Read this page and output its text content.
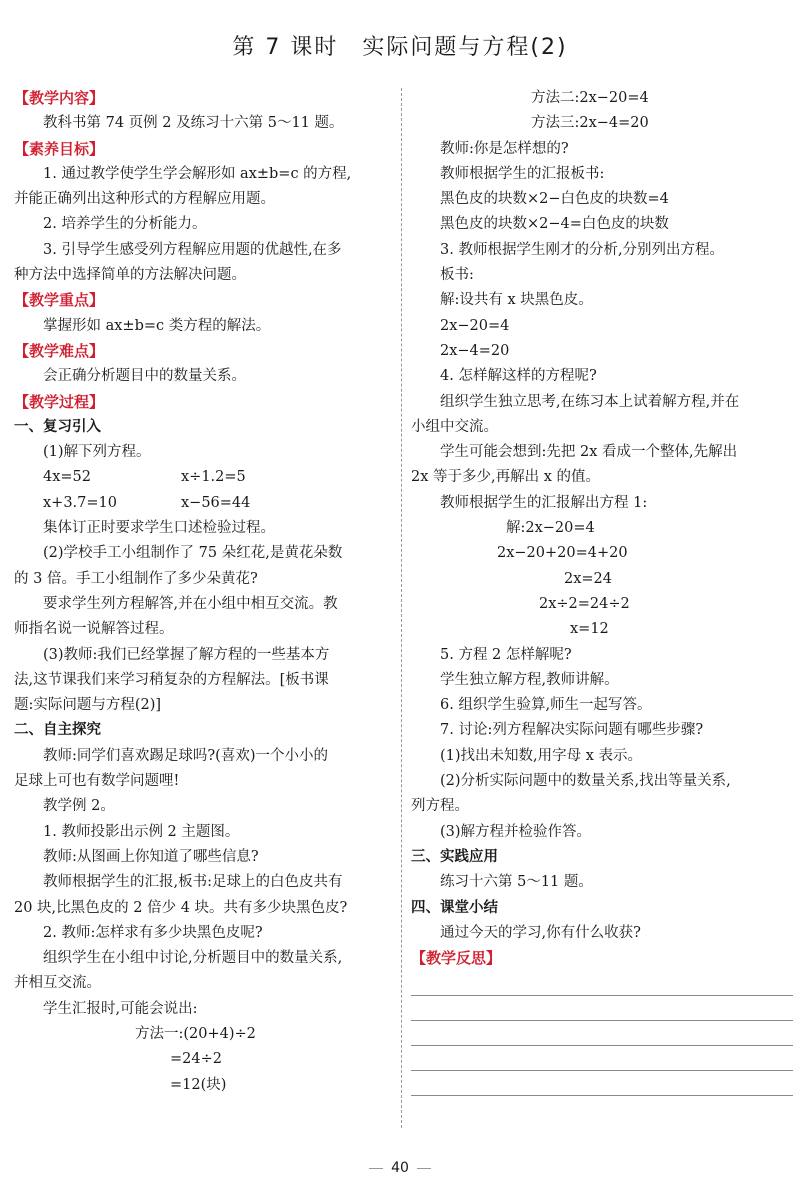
第 7 课时　实际问题与方程(2)
【教学内容】
教科书第 74 页例 2 及练习十六第 5～11 题。
【素养目标】
1. 通过教学使学生学会解形如 ax±b=c 的方程,
并能正确列出这种形式的方程解应用题。
2. 培养学生的分析能力。
3. 引导学生感受列方程解应用题的优越性,在多
种方法中选择简单的方法解决问题。
【教学重点】
掌握形如 ax±b=c 类方程的解法。
【教学难点】
会正确分析题目中的数量关系。
【教学过程】
一、复习引入
(1)解下列方程。
4x=52	x÷1.2=5
x+3.7=10	x−56=44
集体订正时要求学生口述检验过程。
(2)学校手工小组制作了 75 朵红花,是黄花朵数
的 3 倍。手工小组制作了多少朵黄花?
要求学生列方程解答,并在小组中相互交流。教
师指名说一说解答过程。
(3)教师:我们已经掌握了解方程的一些基本方
法,这节课我们来学习稍复杂的方程解法。[板书课
题:实际问题与方程(2)]
二、自主探究
教师:同学们喜欢踢足球吗?(喜欢)一个小小的
足球上可也有数学问题哩!
教学例 2。
1. 教师投影出示例 2 主题图。
教师:从图画上你知道了哪些信息?
教师根据学生的汇报,板书:足球上的白色皮共有
20 块,比黑色皮的 2 倍少 4 块。共有多少块黑色皮?
2. 教师:怎样求有多少块黑色皮呢?
组织学生在小组中讨论,分析题目中的数量关系,
并相互交流。
学生汇报时,可能会说出:
方法一:(20+4)÷2
=24÷2
=12(块)
方法二:2x−20=4
方法三:2x−4=20
教师:你是怎样想的?
教师根据学生的汇报板书:
黑色皮的块数×2−白色皮的块数=4
黑色皮的块数×2−4=白色皮的块数
3. 教师根据学生刚才的分析,分别列出方程。
板书:
解:设共有 x 块黑色皮。
2x−20=4
2x−4=20
4. 怎样解这样的方程呢?
组织学生独立思考,在练习本上试着解方程,并在
小组中交流。
学生可能会想到:先把 2x 看成一个整体,先解出
2x 等于多少,再解出 x 的值。
教师根据学生的汇报解出方程 1:
解:2x−20=4
2x−20+20=4+20
2x=24
2x÷2=24÷2
x=12
5. 方程 2 怎样解呢?
学生独立解方程,教师讲解。
6. 组织学生验算,师生一起写答。
7. 讨论:列方程解决实际问题有哪些步骤?
(1)找出未知数,用字母 x 表示。
(2)分析实际问题中的数量关系,找出等量关系,
列方程。
(3)解方程并检验作答。
三、实践应用
练习十六第 5～11 题。
四、课堂小结
通过今天的学习,你有什么收获?
【教学反思】
40
